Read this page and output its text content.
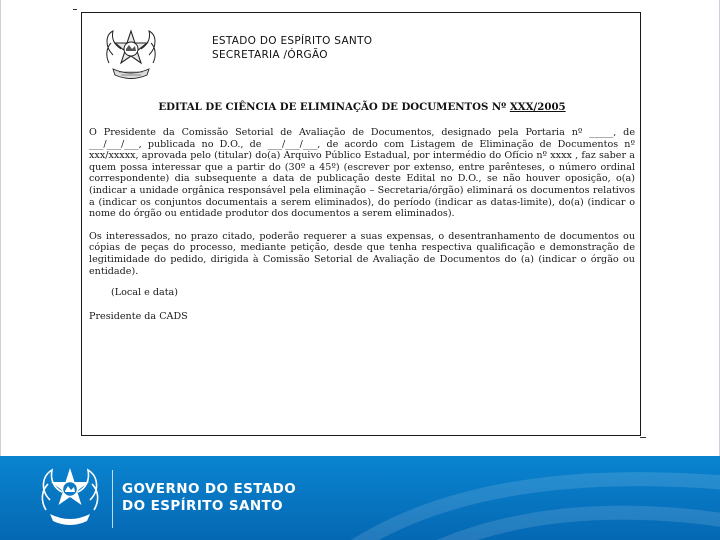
ESTADO DO ESPÍRITO SANTO
SECRETARIA /ÓRGÃO
EDITAL DE CIÊNCIA DE ELIMINAÇÃO DE DOCUMENTOS Nº XXX/2005

O Presidente da Comissão Setorial de Avaliação de Documentos, designado pela Portaria nº _____, de ___/___/___, publicada no D.O., de ___/___/___, de acordo com Listagem de Eliminação de Documentos nº xxx/xxxxx, aprovada pelo (titular) do(a) Arquivo Público Estadual, por intermédio do Ofício nº xxxx , faz saber a quem possa interessar que a partir do (30º a 45º) (escrever por extenso, entre parênteses, o número ordinal correspondente) dia subsequente a data de publicação deste Edital no D.O., se não houver oposição, o(a) (indicar a unidade orgânica responsável pela eliminação – Secretaria/órgão) eliminará os documentos relativos a (indicar os conjuntos documentais a serem eliminados), do período (indicar as datas-limite), do(a) (indicar o nome do órgão ou entidade produtor dos documentos a serem eliminados).

Os interessados, no prazo citado, poderão requerer a suas expensas, o desentranhamento de documentos ou cópias de peças do processo, mediante petição, desde que tenha respectiva qualificação e demonstração de legitimidade do pedido, dirigida à Comissão Setorial de Avaliação de Documentos do (a) (indicar o órgão ou entidade).

(Local e data)

Presidente da CADS

GOVERNO DO ESTADO
DO ESPÍRITO SANTO
